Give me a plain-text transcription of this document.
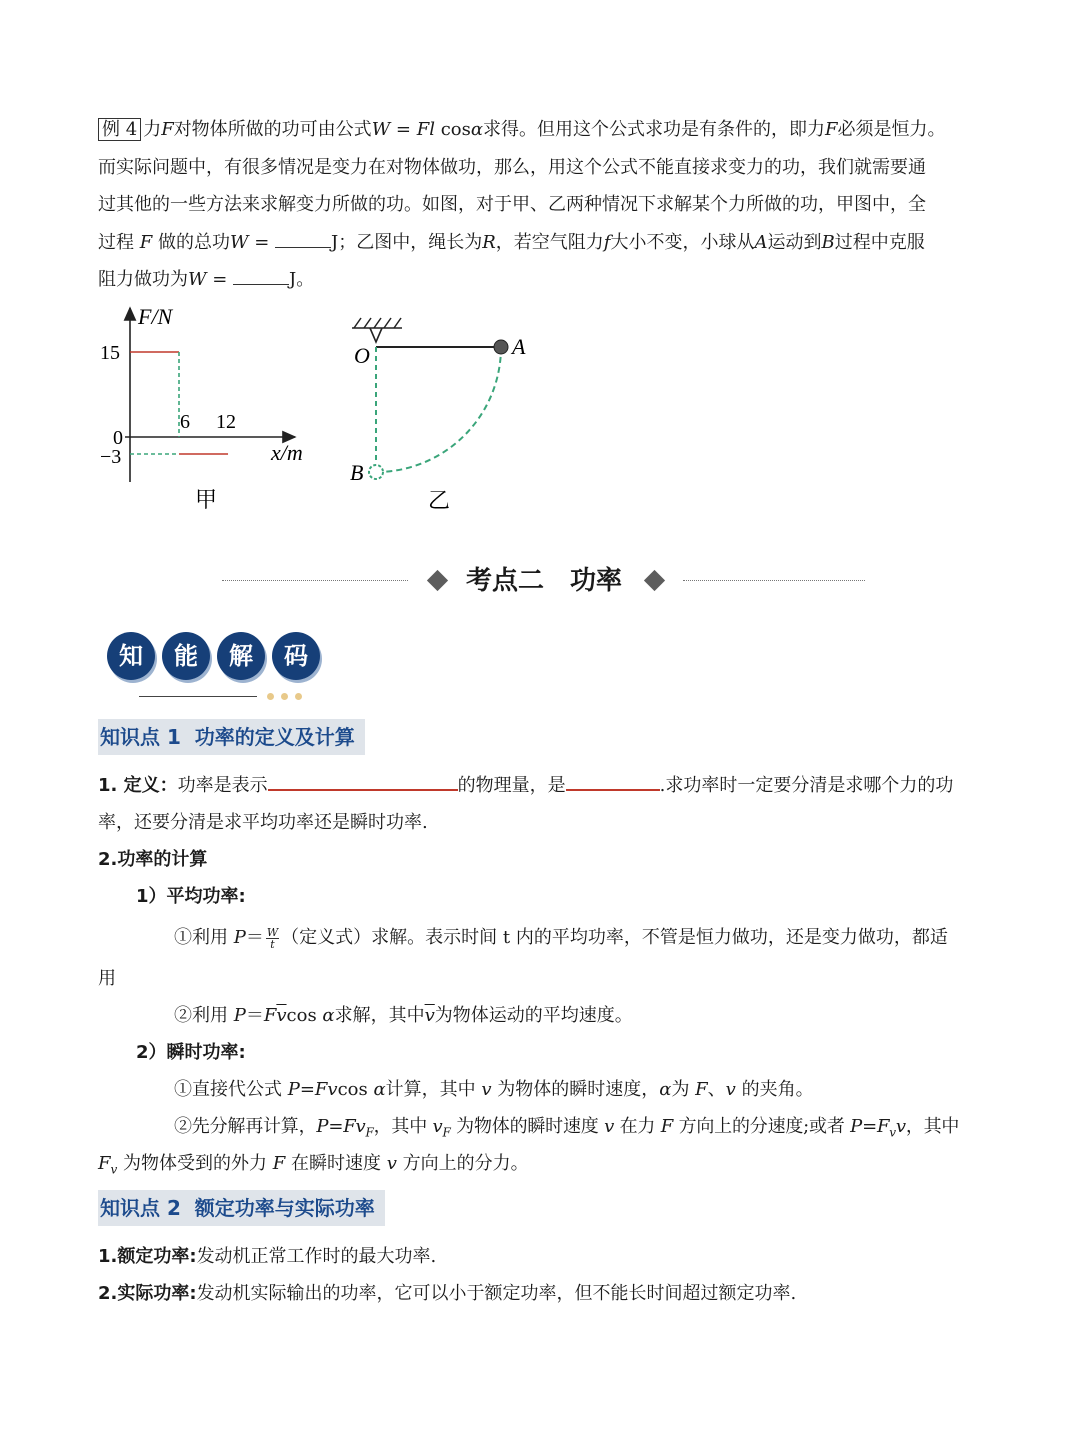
例 4 力F对物体所做的功可由公式W = Fl cosα求得。但用这个公式求功是有条件的，即力F必须是恒力。
而实际问题中，有很多情况是变力在对物体做功，那么，用这个公式不能直接求变力的功，我们就需要通
过其他的一些方法来求解变力所做的功。如图，对于甲、乙两种情况下求解某个力所做的功，甲图中，全
过程 F 做的总功W =	J；乙图中，绳长为R，若空气阻力f大小不变，小球从A运动到B过程中克服
阻力做功为W =	J。
F/N
x/m
15
0
−3
6 12
甲
O	A
B
乙
考点二　功率
知	能	解	码
知识点 1  功率的定义及计算
1. 定义：功率是表示	的物理量，是	.求功率时一定要分清是求哪个力的功
率，还要分清是求平均功率还是瞬时功率.
2.功率的计算
1）平均功率:
①利用 $P= \frac{W}{t}$ （定义式）求解。表示时间 t 内的平均功率，不管是恒力做功，还是变力做功，都适
用
②利用 $P=F\overline{v}\cos$ α求解，其中$\overline{v}$为物体运动的平均速度。
2）瞬时功率:
①直接代公式 P=Fvcos α计算，其中 v 为物体的瞬时速度，α为 F、v 的夹角。
②先分解再计算，$P=Fv_F$，其中 $v_F$ 为物体的瞬时速度 v 在力 F 方向上的分速度;或者 $P=F_vv$，其中
$F_v$ 为物体受到的外力 F 在瞬时速度 v 方向上的分力。
知识点 2  额定功率与实际功率
1.额定功率:发动机正常工作时的最大功率.
2.实际功率:发动机实际输出的功率，它可以小于额定功率，但不能长时间超过额定功率.
